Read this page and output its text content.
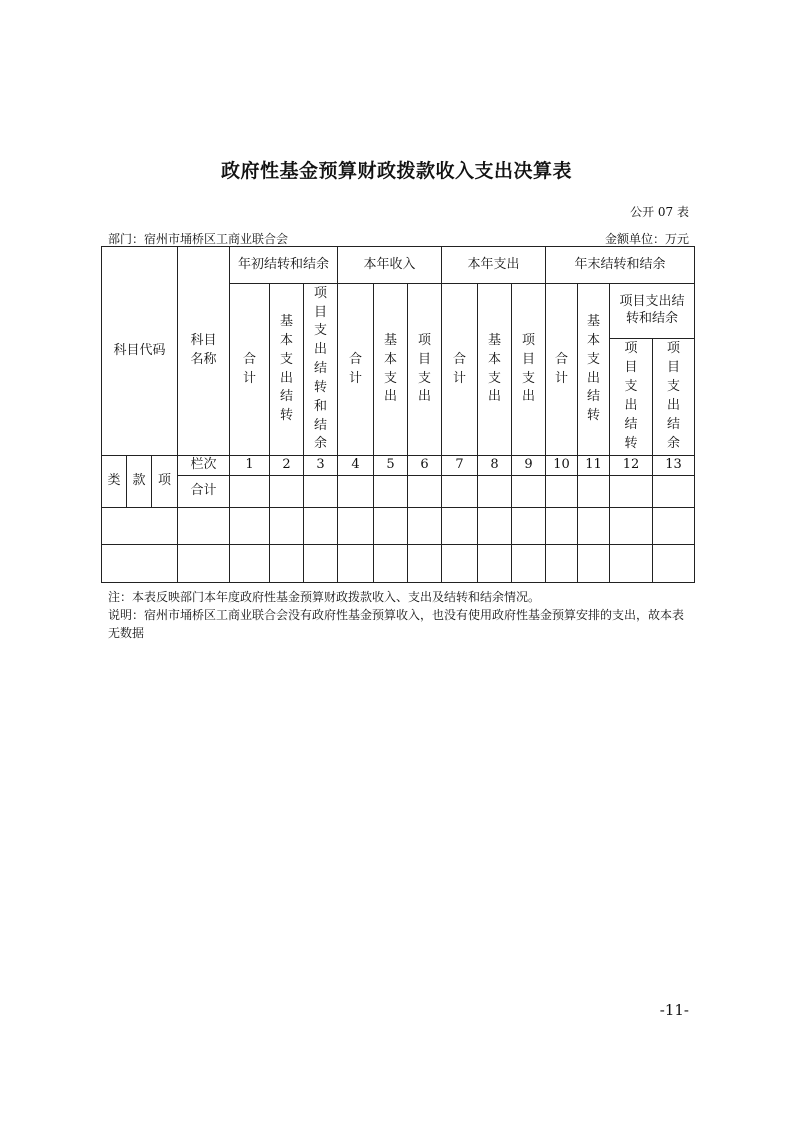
政府性基金预算财政拨款收入支出决算表
公开 07 表
部门：宿州市埇桥区工商业联合会	金额单位：万元
科目代码			科目名称	年初结转和结余			本年收入			本年支出			年末结转和结余			
				合计	基本支出结转	项目支出结转和结余	合计	基本支出	项目支出	合计	基本支出	项目支出	合计	基本支出结转	项目支出结转和结余	
															项目支出结转	项目支出结余
类	款	项	栏次	1	2	3	4	5	6	7	8	9	10	11	12	13
			合计													

注：本表反映部门本年度政府性基金预算财政拨款收入、支出及结转和结余情况。
说明：宿州市埇桥区工商业联合会没有政府性基金预算收入，也没有使用政府性基金预算安排的支出，故本表无数据
-11-
